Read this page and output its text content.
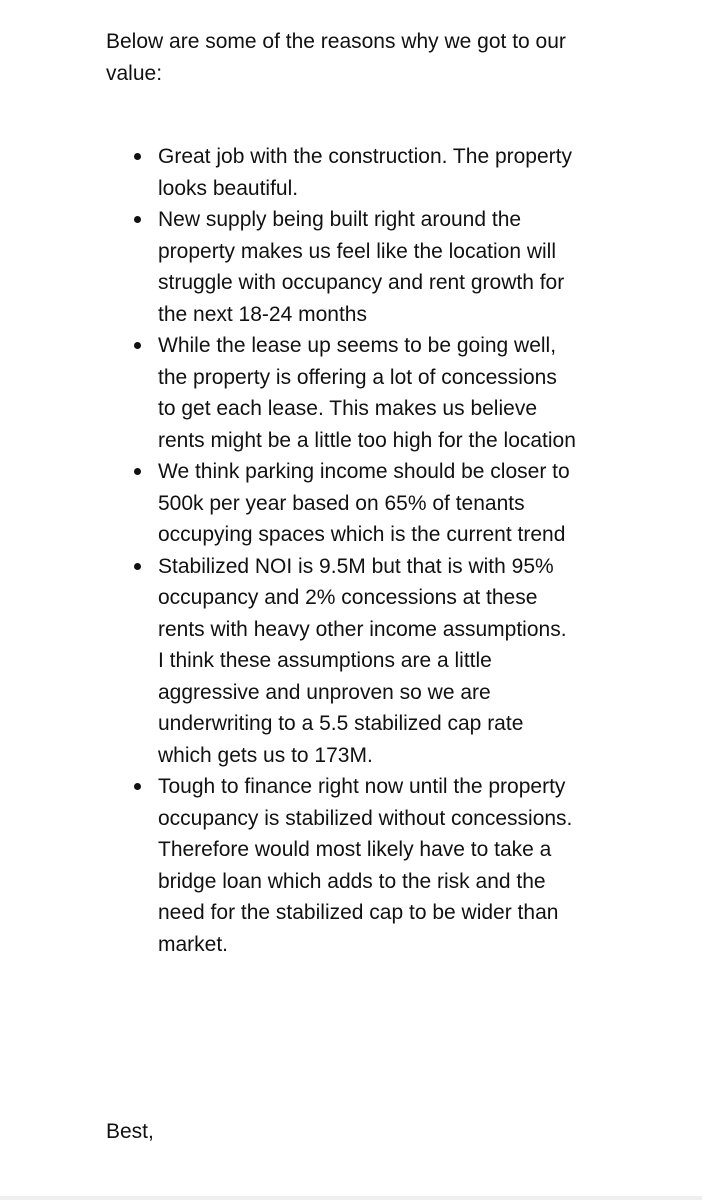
Below are some of the reasons why we got to our value:

Great job with the construction. The property looks beautiful.
New supply being built right around the property makes us feel like the location will struggle with occupancy and rent growth for the next 18-24 months
While the lease up seems to be going well, the property is offering a lot of concessions to get each lease. This makes us believe rents might be a little too high for the location
We think parking income should be closer to 500k per year based on 65% of tenants occupying spaces which is the current trend
Stabilized NOI is 9.5M but that is with 95% occupancy and 2% concessions at these rents with heavy other income assumptions. I think these assumptions are a little aggressive and unproven so we are underwriting to a 5.5 stabilized cap rate which gets us to 173M.
Tough to finance right now until the property occupancy is stabilized without concessions. Therefore would most likely have to take a bridge loan which adds to the risk and the need for the stabilized cap to be wider than market.

Best,
